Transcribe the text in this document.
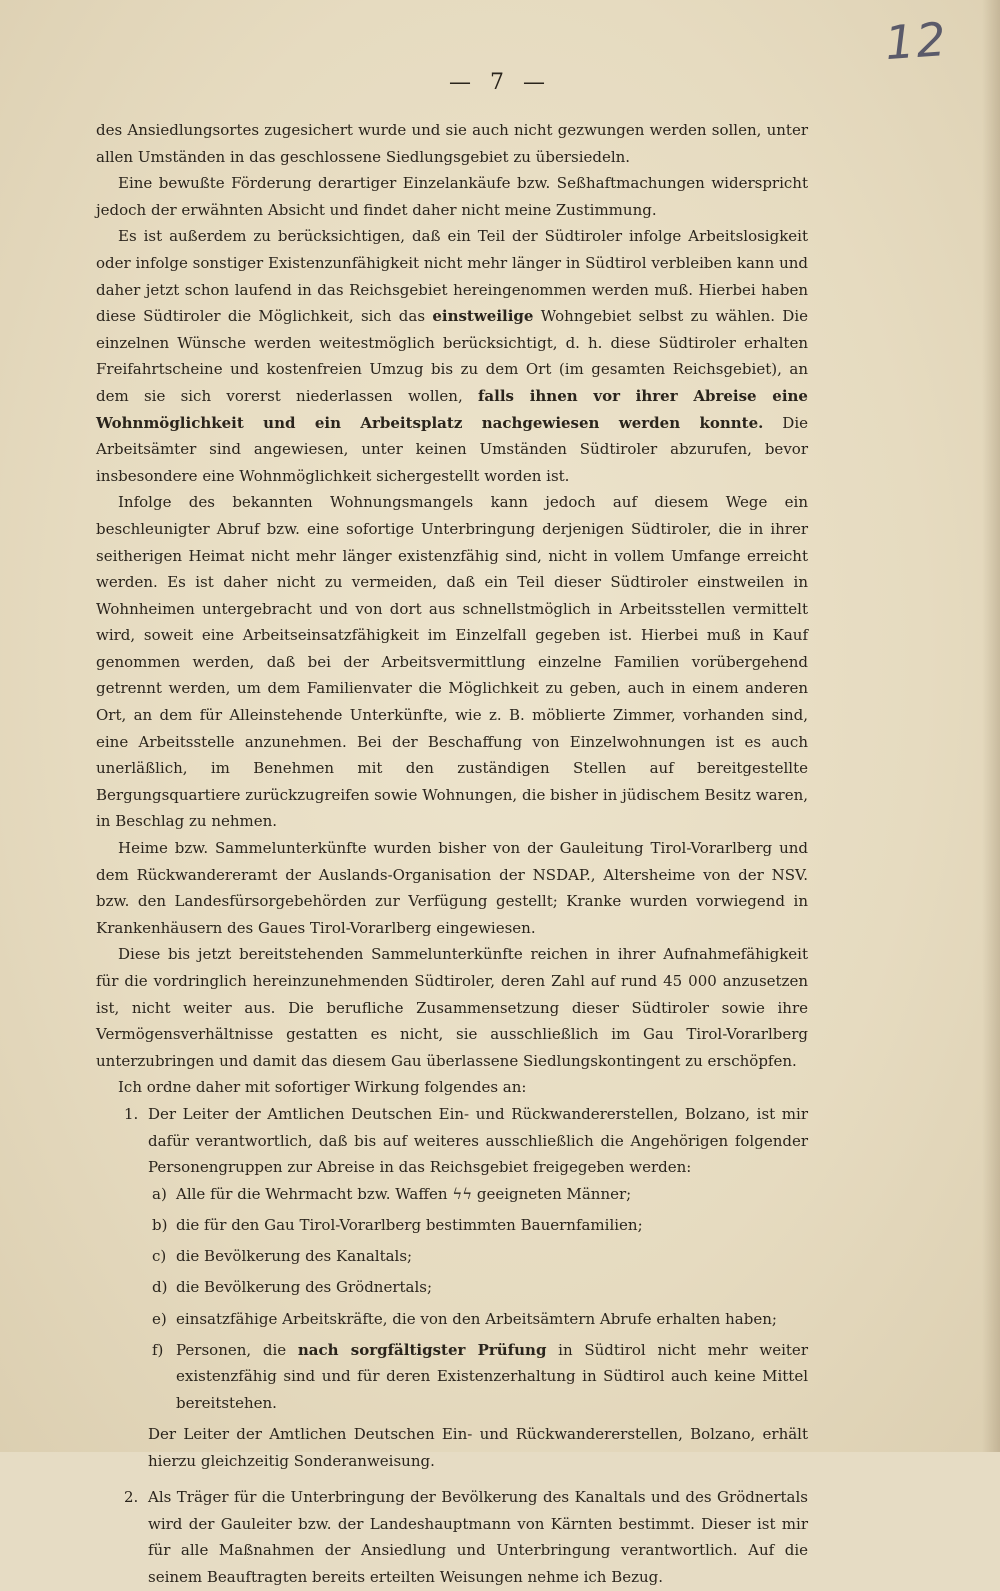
12
— 7 —

des Ansiedlungsortes zugesichert wurde und sie auch nicht gezwungen werden sollen, unter allen Umständen in das geschlossene Siedlungsgebiet zu übersiedeln.

Eine bewußte Förderung derartiger Einzelankäufe bzw. Seßhaftmachungen widerspricht jedoch der erwähnten Absicht und findet daher nicht meine Zustimmung.

Es ist außerdem zu berücksichtigen, daß ein Teil der Südtiroler infolge Arbeitslosigkeit oder infolge sonstiger Existenzunfähigkeit nicht mehr länger in Südtirol verbleiben kann und daher jetzt schon laufend in das Reichsgebiet hereingenommen werden muß. Hierbei haben diese Südtiroler die Möglichkeit, sich das einstweilige Wohngebiet selbst zu wählen. Die einzelnen Wünsche werden weitestmöglich berücksichtigt, d. h. diese Südtiroler erhalten Freifahrtscheine und kostenfreien Umzug bis zu dem Ort (im gesamten Reichsgebiet), an dem sie sich vorerst niederlassen wollen, falls ihnen vor ihrer Abreise eine Wohnmöglichkeit und ein Arbeitsplatz nachgewiesen werden konnte. Die Arbeitsämter sind angewiesen, unter keinen Umständen Südtiroler abzurufen, bevor insbesondere eine Wohnmöglichkeit sichergestellt worden ist.

Infolge des bekannten Wohnungsmangels kann jedoch auf diesem Wege ein beschleunigter Abruf bzw. eine sofortige Unterbringung derjenigen Südtiroler, die in ihrer seitherigen Heimat nicht mehr länger existenzfähig sind, nicht in vollem Umfange erreicht werden. Es ist daher nicht zu vermeiden, daß ein Teil dieser Südtiroler einstweilen in Wohnheimen untergebracht und von dort aus schnellstmöglich in Arbeitsstellen vermittelt wird, soweit eine Arbeitseinsatzfähigkeit im Einzelfall gegeben ist. Hierbei muß in Kauf genommen werden, daß bei der Arbeitsvermittlung einzelne Familien vorübergehend getrennt werden, um dem Familienvater die Möglichkeit zu geben, auch in einem anderen Ort, an dem für Alleinstehende Unterkünfte, wie z. B. möblierte Zimmer, vorhanden sind, eine Arbeitsstelle anzunehmen. Bei der Beschaffung von Einzelwohnungen ist es auch unerläßlich, im Benehmen mit den zuständigen Stellen auf bereitgestellte Bergungsquartiere zurückzugreifen sowie Wohnungen, die bisher in jüdischem Besitz waren, in Beschlag zu nehmen.

Heime bzw. Sammelunterkünfte wurden bisher von der Gauleitung Tirol-Vorarlberg und dem Rückwandereramt der Auslands-Organisation der NSDAP., Altersheime von der NSV. bzw. den Landesfürsorgebehörden zur Verfügung gestellt; Kranke wurden vorwiegend in Krankenhäusern des Gaues Tirol-Vorarlberg eingewiesen.

Diese bis jetzt bereitstehenden Sammelunterkünfte reichen in ihrer Aufnahmefähigkeit für die vordringlich hereinzunehmenden Südtiroler, deren Zahl auf rund 45 000 anzusetzen ist, nicht weiter aus. Die berufliche Zusammensetzung dieser Südtiroler sowie ihre Vermögensverhältnisse gestatten es nicht, sie ausschließlich im Gau Tirol-Vorarlberg unterzubringen und damit das diesem Gau überlassene Siedlungskontingent zu erschöpfen.

Ich ordne daher mit sofortiger Wirkung folgendes an:

1. Der Leiter der Amtlichen Deutschen Ein- und Rückwandererstellen, Bolzano, ist mir dafür verantwortlich, daß bis auf weiteres ausschließlich die Angehörigen folgender Personengruppen zur Abreise in das Reichsgebiet freigegeben werden:
a) Alle für die Wehrmacht bzw. Waffen ϟϟ geeigneten Männer;
b) die für den Gau Tirol-Vorarlberg bestimmten Bauernfamilien;
c) die Bevölkerung des Kanaltals;
d) die Bevölkerung des Grödnertals;
e) einsatzfähige Arbeitskräfte, die von den Arbeitsämtern Abrufe erhalten haben;
f) Personen, die nach sorgfältigster Prüfung in Südtirol nicht mehr weiter existenzfähig sind und für deren Existenzerhaltung in Südtirol auch keine Mittel bereitstehen.
Der Leiter der Amtlichen Deutschen Ein- und Rückwandererstellen, Bolzano, erhält hierzu gleichzeitig Sonderanweisung.
2. Als Träger für die Unterbringung der Bevölkerung des Kanaltals und des Grödnertals wird der Gauleiter bzw. der Landeshauptmann von Kärnten bestimmt. Dieser ist mir für alle Maßnahmen der Ansiedlung und Unterbringung verantwortlich. Auf die seinem Beauftragten bereits erteilten Weisungen nehme ich Bezug.
